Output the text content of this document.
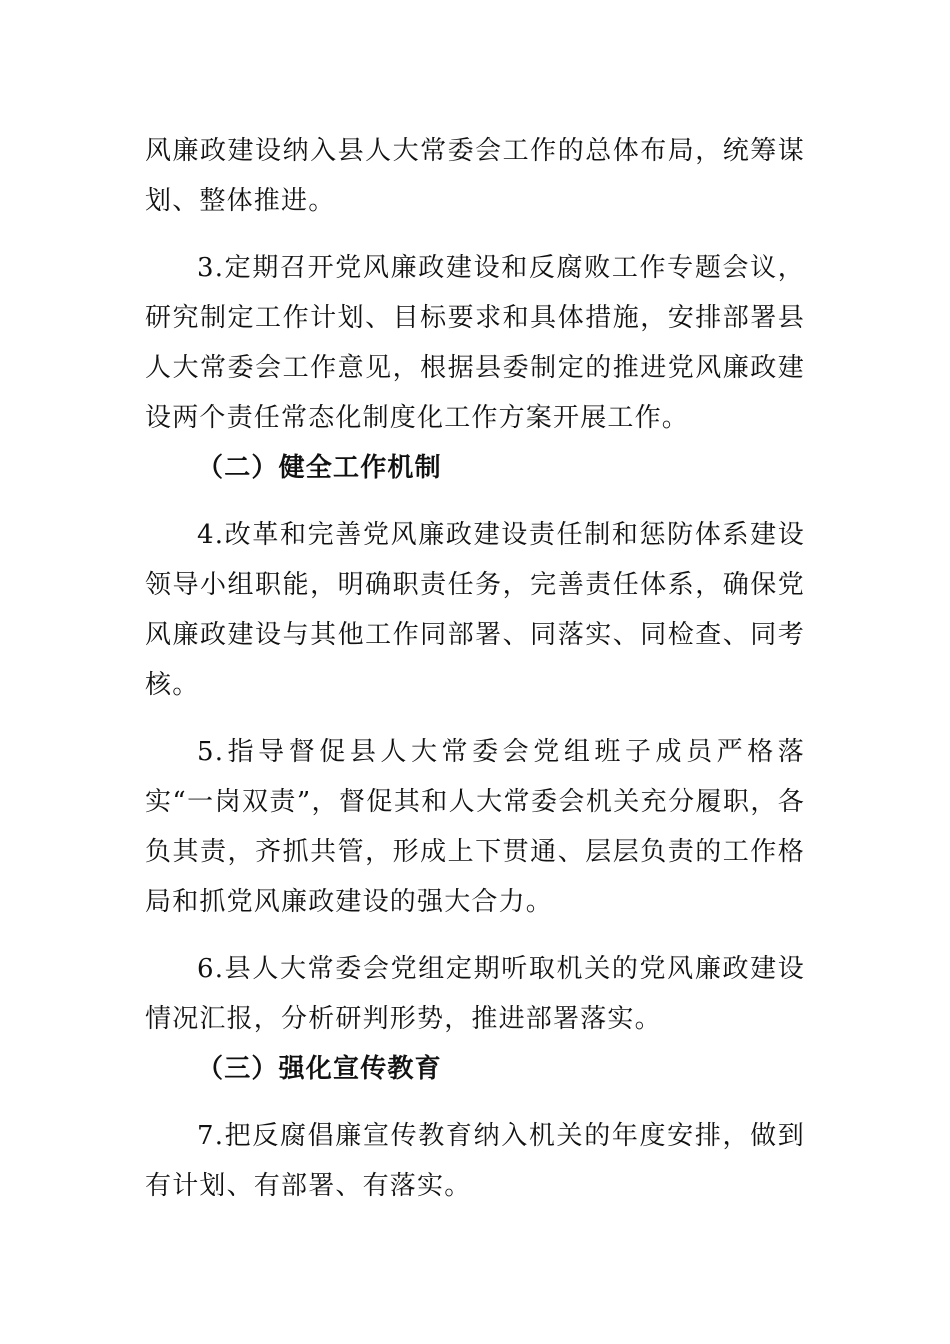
风廉政建设纳入县人大常委会工作的总体布局，统筹谋划、整体推进。

3.定期召开党风廉政建设和反腐败工作专题会议，研究制定工作计划、目标要求和具体措施，安排部署县人大常委会工作意见，根据县委制定的推进党风廉政建设两个责任常态化制度化工作方案开展工作。

（二）健全工作机制

4.改革和完善党风廉政建设责任制和惩防体系建设领导小组职能，明确职责任务，完善责任体系，确保党风廉政建设与其他工作同部署、同落实、同检查、同考核。

5.指导督促县人大常委会党组班子成员严格落实“一岗双责”，督促其和人大常委会机关充分履职，各负其责，齐抓共管，形成上下贯通、层层负责的工作格局和抓党风廉政建设的强大合力。

6.县人大常委会党组定期听取机关的党风廉政建设情况汇报，分析研判形势，推进部署落实。

（三）强化宣传教育

7.把反腐倡廉宣传教育纳入机关的年度安排，做到有计划、有部署、有落实。
